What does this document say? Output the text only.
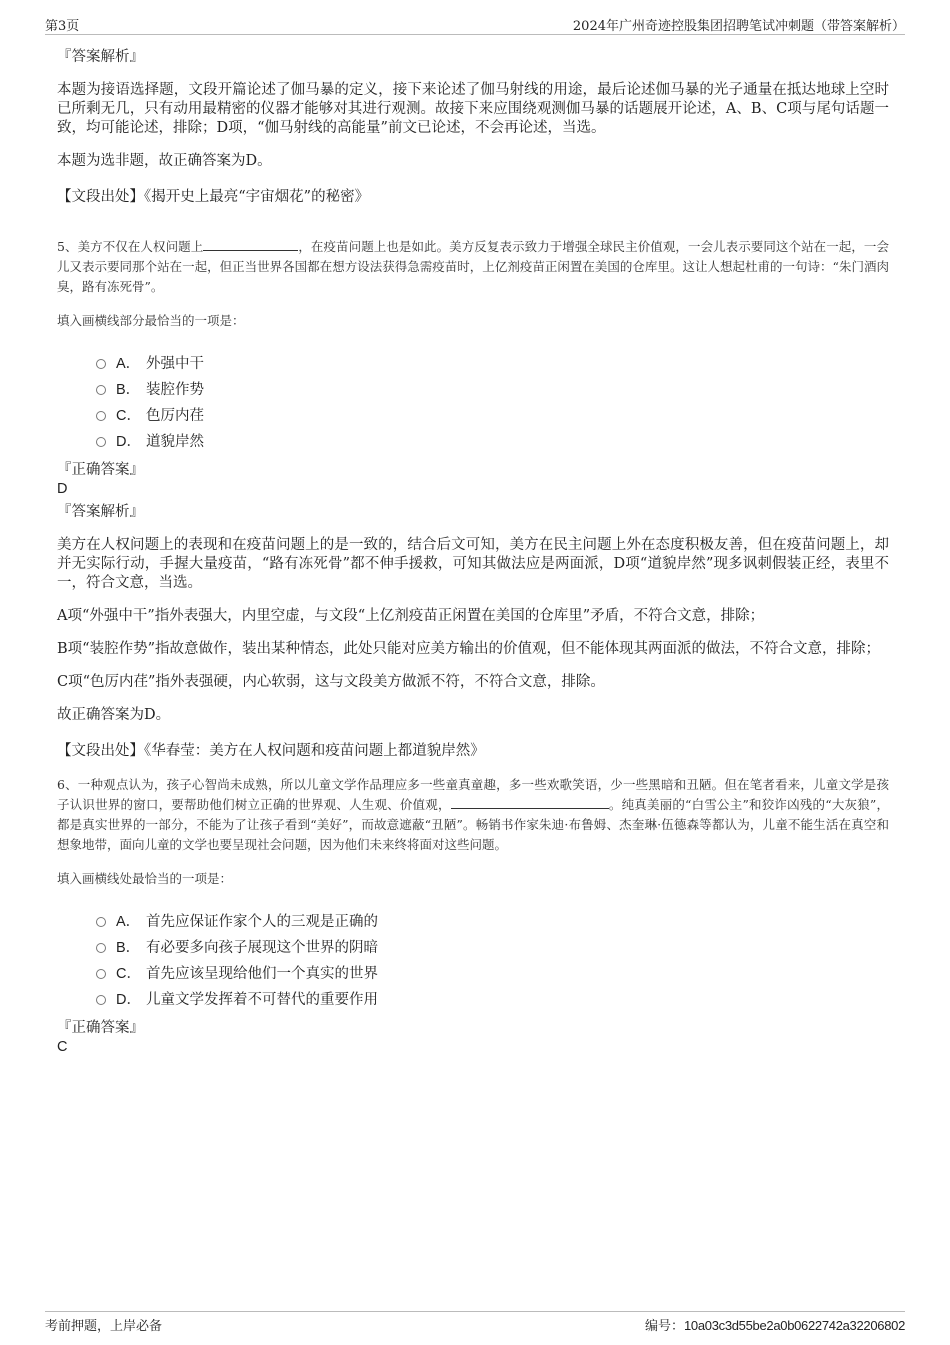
第3页	2024年广州奇迹控股集团招聘笔试冲刺题（带答案解析）

『答案解析』

本题为接语选择题，文段开篇论述了伽马暴的定义，接下来论述了伽马射线的用途，最后论述伽马暴的光子通量在抵达地球上空时已所剩无几，只有动用最精密的仪器才能够对其进行观测。故接下来应围绕观测伽马暴的话题展开论述，A、B、C项与尾句话题一致，均可能论述，排除；D项，“伽马射线的高能量”前文已论述，不会再论述，当选。

本题为选非题，故正确答案为D。

【文段出处】《揭开史上最亮“宇宙烟花”的秘密》

5、美方不仅在人权问题上	，在疫苗问题上也是如此。美方反复表示致力于增强全球民主价值观，一会儿表示要同这个站在一起，一会儿又表示要同那个站在一起，但正当世界各国都在想方设法获得急需疫苗时，上亿剂疫苗正闲置在美国的仓库里。这让人想起杜甫的一句诗：“朱门酒肉臭，路有冻死骨”。

填入画横线部分最恰当的一项是：

A． 外强中干
B． 装腔作势
C． 色厉内荏
D． 道貌岸然

『正确答案』

D

『答案解析』

美方在人权问题上的表现和在疫苗问题上的是一致的，结合后文可知，美方在民主问题上外在态度积极友善，但在疫苗问题上，却并无实际行动，手握大量疫苗，“路有冻死骨”都不伸手援救，可知其做法应是两面派，D项“道貌岸然”现多讽刺假装正经，表里不一，符合文意，当选。

A项“外强中干”指外表强大，内里空虚，与文段“上亿剂疫苗正闲置在美国的仓库里”矛盾，不符合文意，排除；

B项“装腔作势”指故意做作，装出某种情态，此处只能对应美方输出的价值观，但不能体现其两面派的做法，不符合文意，排除；

C项“色厉内荏”指外表强硬，内心软弱，这与文段美方做派不符，不符合文意，排除。

故正确答案为D。

【文段出处】《华春莹：美方在人权问题和疫苗问题上都道貌岸然》

6、一种观点认为，孩子心智尚未成熟，所以儿童文学作品理应多一些童真童趣，多一些欢歌笑语，少一些黑暗和丑陋。但在笔者看来，儿童文学是孩子认识世界的窗口，要帮助他们树立正确的世界观、人生观、价值观，	。纯真美丽的“白雪公主”和狡诈凶残的“大灰狼”，都是真实世界的一部分，不能为了让孩子看到“美好”，而故意遮蔽“丑陋”。畅销书作家朱迪·布鲁姆、杰奎琳·伍德森等都认为，儿童不能生活在真空和想象地带，面向儿童的文学也要呈现社会问题，因为他们未来终将面对这些问题。

填入画横线处最恰当的一项是：

A． 首先应保证作家个人的三观是正确的
B． 有必要多向孩子展现这个世界的阴暗
C． 首先应该呈现给他们一个真实的世界
D． 儿童文学发挥着不可替代的重要作用

『正确答案』

C

考前押题，上岸必备	编号：10a03c3d55be2a0b0622742a32206802
